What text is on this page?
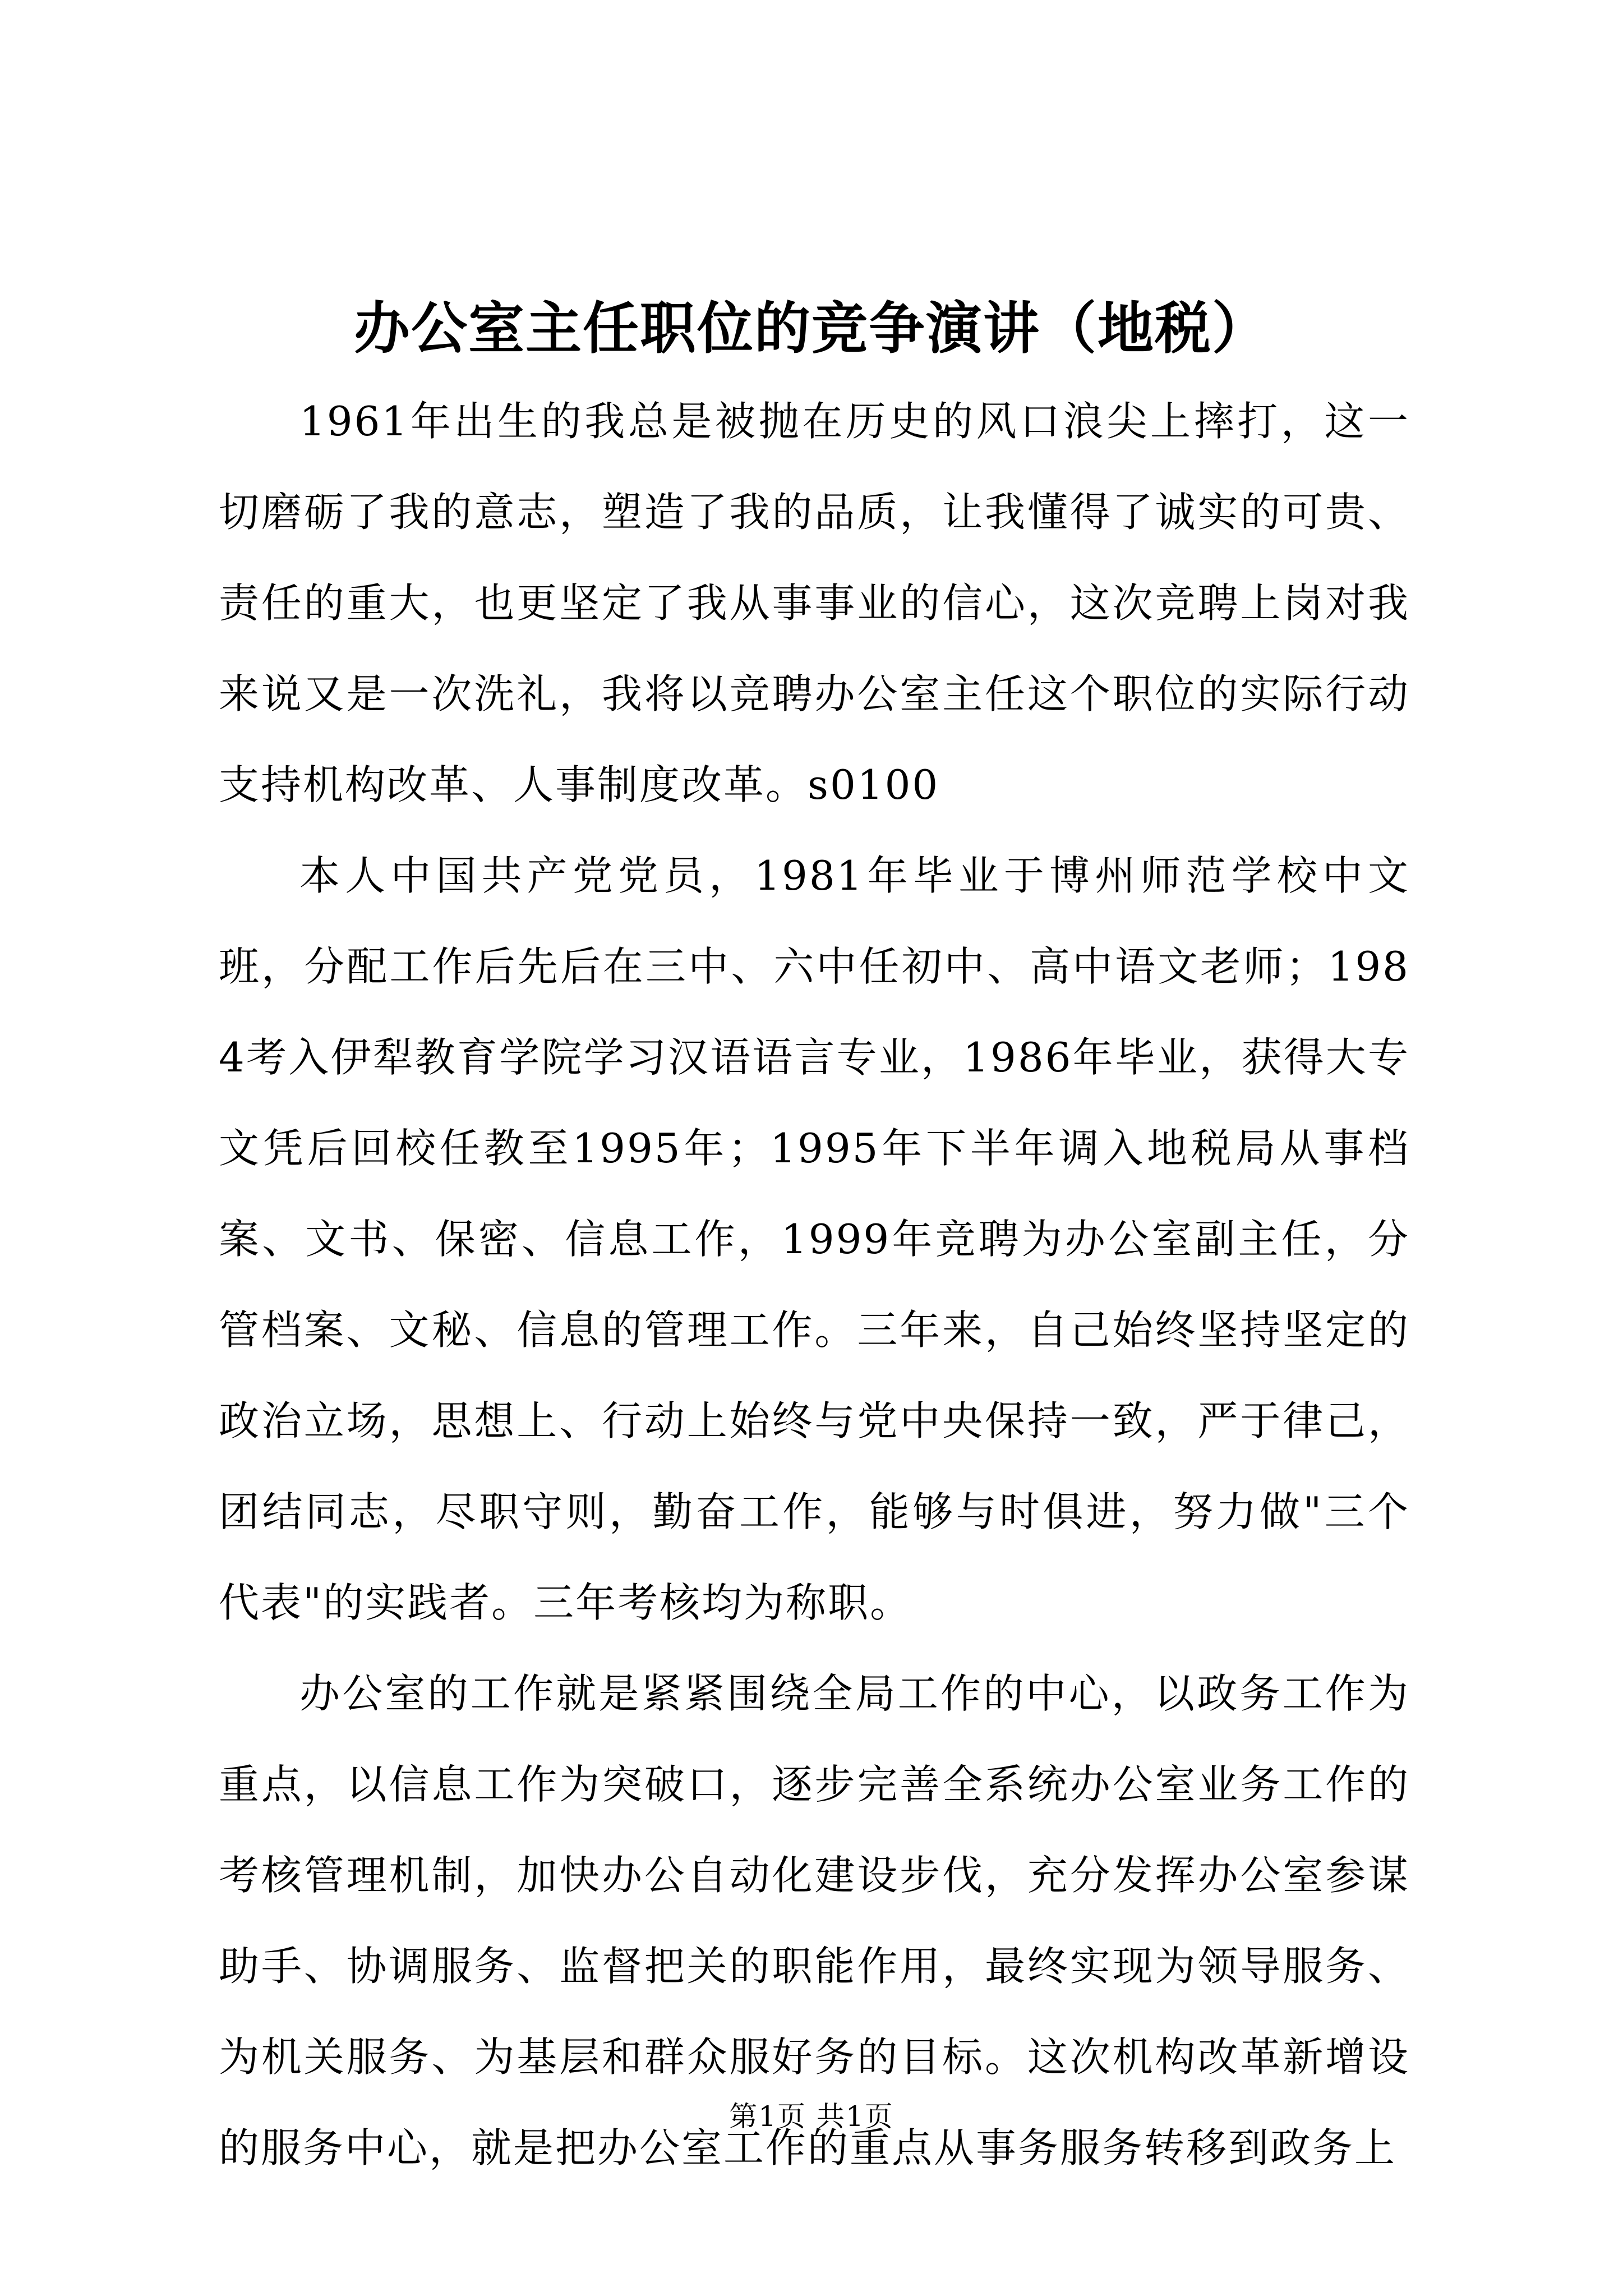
办公室主任职位的竞争演讲（地税）

1961年出生的我总是被抛在历史的风口浪尖上摔打，这一切磨砺了我的意志，塑造了我的品质，让我懂得了诚实的可贵、责任的重大，也更坚定了我从事事业的信心，这次竞聘上岗对我来说又是一次洗礼，我将以竞聘办公室主任这个职位的实际行动支持机构改革、人事制度改革。s0100

本人中国共产党党员，1981年毕业于博州师范学校中文班，分配工作后先后在三中、六中任初中、高中语文老师；1984考入伊犁教育学院学习汉语语言专业，1986年毕业，获得大专文凭后回校任教至1995年；1995年下半年调入地税局从事档案、文书、保密、信息工作，1999年竞聘为办公室副主任，分管档案、文秘、信息的管理工作。三年来，自己始终坚持坚定的政治立场，思想上、行动上始终与党中央保持一致，严于律己，团结同志，尽职守则，勤奋工作，能够与时俱进，努力做"三个代表"的实践者。三年考核均为称职。

办公室的工作就是紧紧围绕全局工作的中心，以政务工作为重点，以信息工作为突破口，逐步完善全系统办公室业务工作的考核管理机制，加快办公自动化建设步伐，充分发挥办公室参谋助手、协调服务、监督把关的职能作用，最终实现为领导服务、为机关服务、为基层和群众服好务的目标。这次机构改革新增设的服务中心，就是把办公室工作的重点从事务服务转移到政务上

第1页 共1页
